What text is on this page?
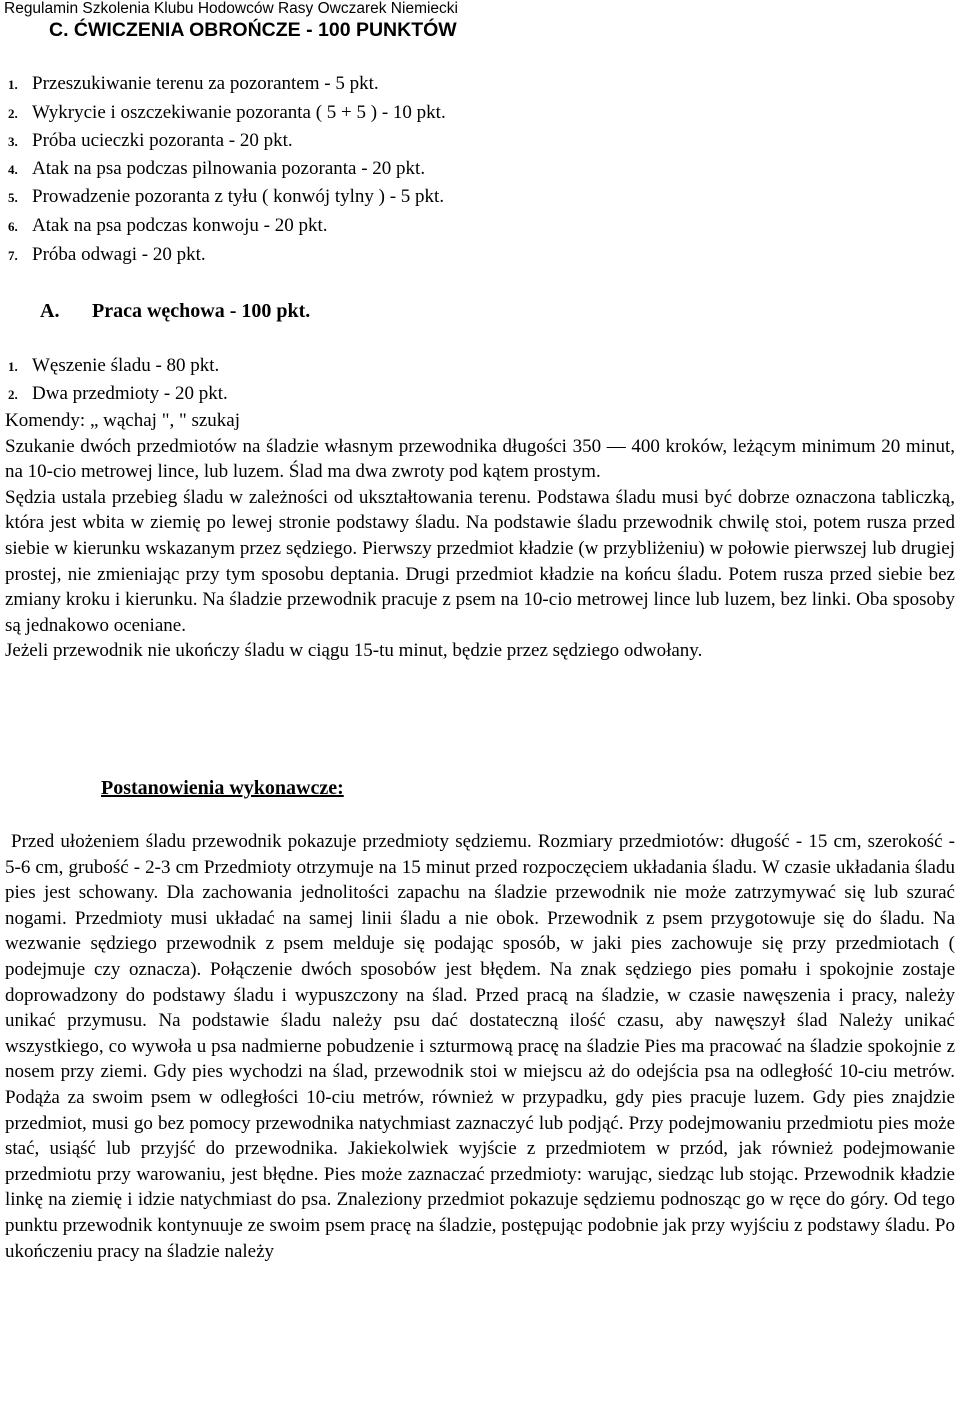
Regulamin Szkolenia Klubu Hodowców Rasy Owczarek Niemiecki
C. ĆWICZENIA OBROŃCZE - 100 PUNKTÓW
1. Przeszukiwanie terenu za pozorantem - 5 pkt.
2. Wykrycie i oszczekiwanie pozoranta ( 5 + 5 ) - 10 pkt.
3. Próba ucieczki pozoranta - 20 pkt.
4. Atak na psa podczas pilnowania pozoranta - 20 pkt.
5. Prowadzenie pozoranta z tyłu ( konwój tylny ) - 5 pkt.
6. Atak na psa podczas konwoju - 20 pkt.
7. Próba odwagi - 20 pkt.
A. Praca węchowa - 100 pkt.
1. Węszenie śladu - 80 pkt.
2. Dwa przedmioty - 20 pkt.

Komendy: „ wąchaj ", " szukaj

Szukanie dwóch przedmiotów na śladzie własnym przewodnika długości 350 — 400 kroków, leżącym minimum 20 minut, na 10-cio metrowej lince, lub luzem. Ślad ma dwa zwroty pod kątem prostym.

Sędzia ustala przebieg śladu w zależności od ukształtowania terenu. Podstawa śladu musi być dobrze oznaczona tabliczką, która jest wbita w ziemię po lewej stronie podstawy śladu. Na podstawie śladu przewodnik chwilę stoi, potem rusza przed siebie w kierunku wskazanym przez sędziego. Pierwszy przedmiot kładzie (w przybliżeniu) w połowie pierwszej lub drugiej prostej, nie zmieniając przy tym sposobu deptania. Drugi przedmiot kładzie na końcu śladu. Potem rusza przed siebie bez zmiany kroku i kierunku. Na śladzie przewodnik pracuje z psem na 10-cio metrowej lince lub luzem, bez linki. Oba sposoby są jednakowo oceniane.

Jeżeli przewodnik nie ukończy śladu w ciągu 15-tu minut, będzie przez sędziego odwołany.

Postanowienia wykonawcze:

Przed ułożeniem śladu przewodnik pokazuje przedmioty sędziemu. Rozmiary przedmiotów: długość - 15 cm, szerokość - 5-6 cm, grubość - 2-3 cm Przedmioty otrzymuje na 15 minut przed rozpoczęciem układania śladu. W czasie układania śladu pies jest schowany. Dla zachowania jednolitości zapachu na śladzie przewodnik nie może zatrzymywać się lub szurać nogami. Przedmioty musi układać na samej linii śladu a nie obok. Przewodnik z psem przygotowuje się do śladu. Na wezwanie sędziego przewodnik z psem melduje się podając sposób, w jaki pies zachowuje się przy przedmiotach ( podejmuje czy oznacza). Połączenie dwóch sposobów jest błędem. Na znak sędziego pies pomału i spokojnie zostaje doprowadzony do podstawy śladu i wypuszczony na ślad. Przed pracą na śladzie, w czasie nawęszenia i pracy, należy unikać przymusu. Na podstawie śladu należy psu dać dostateczną ilość czasu, aby nawęszył ślad Należy unikać wszystkiego, co wywoła u psa nadmierne pobudzenie i szturmową pracę na śladzie Pies ma pracować na śladzie spokojnie z nosem przy ziemi. Gdy pies wychodzi na ślad, przewodnik stoi w miejscu aż do odejścia psa na odległość 10-ciu metrów. Podąża za swoim psem w odległości 10-ciu metrów, również w przypadku, gdy pies pracuje luzem. Gdy pies znajdzie przedmiot, musi go bez pomocy przewodnika natychmiast zaznaczyć lub podjąć. Przy podejmowaniu przedmiotu pies może stać, usiąść lub przyjść do przewodnika. Jakiekolwiek wyjście z przedmiotem w przód, jak również podejmowanie przedmiotu przy warowaniu, jest błędne. Pies może zaznaczać przedmioty: warując, siedząc lub stojąc. Przewodnik kładzie linkę na ziemię i idzie natychmiast do psa. Znaleziony przedmiot pokazuje sędziemu podnosząc go w ręce do góry. Od tego punktu przewodnik kontynuuje ze swoim psem pracę na śladzie, postępując podobnie jak przy wyjściu z podstawy śladu. Po ukończeniu pracy na śladzie należy
